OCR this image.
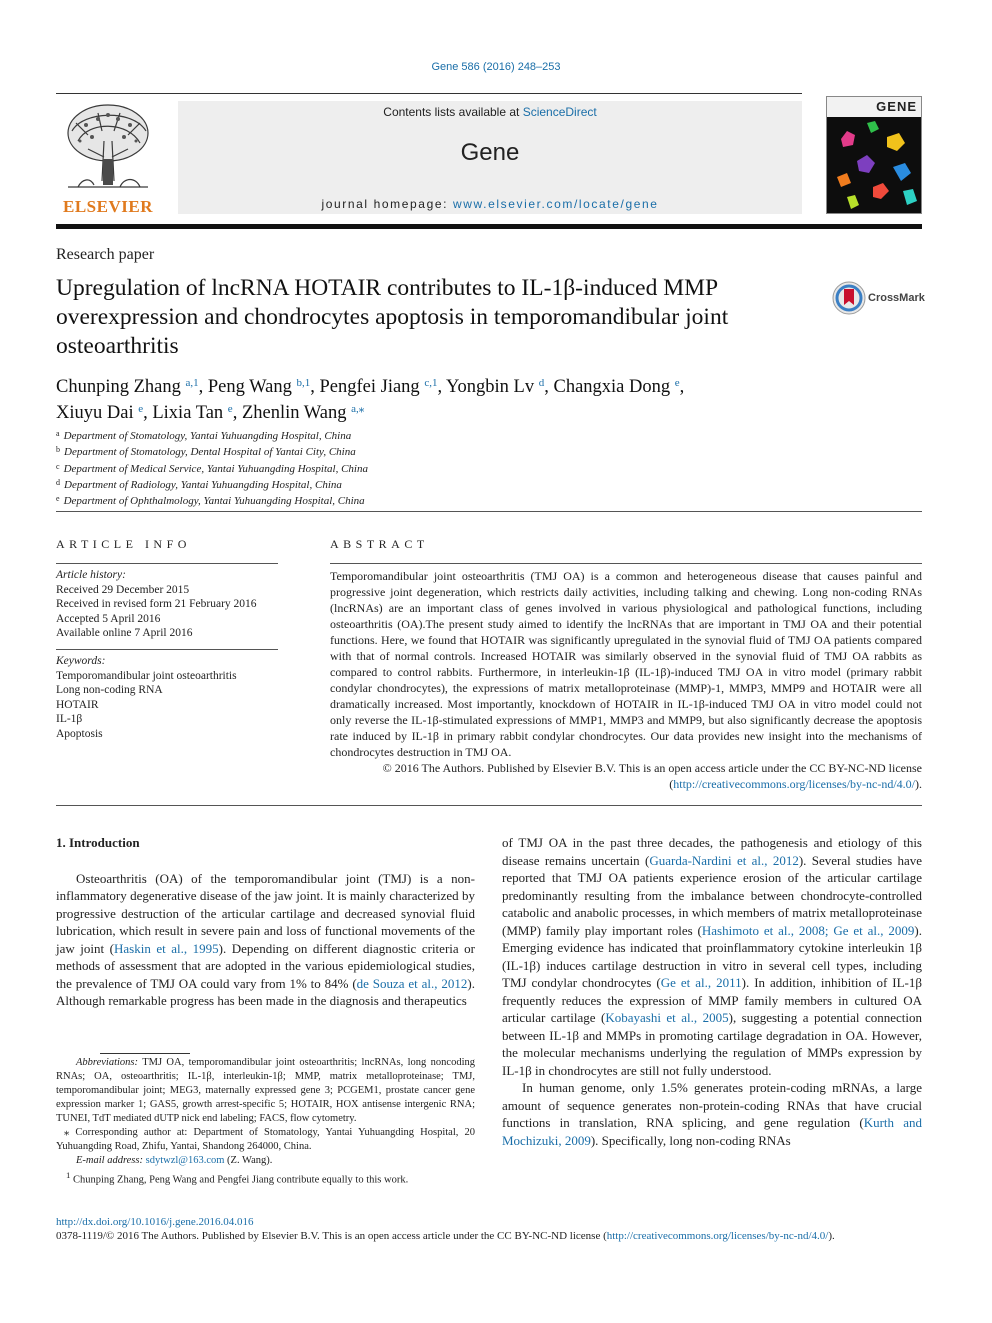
Gene 586 (2016) 248–253
ELSEVIER
Contents lists available at ScienceDirect
Gene
journal homepage: www.elsevier.com/locate/gene
GENE
Research paper
Upregulation of lncRNA HOTAIR contributes to IL-1β-induced MMP overexpression and chondrocytes apoptosis in temporomandibular joint osteoarthritis
CrossMark
Chunping Zhang $^{a,1}$, Peng Wang $^{b,1}$, Pengfei Jiang $^{c,1}$, Yongbin Lv $^d$, Changxia Dong $^e$,
Xiuyu Dai $^e$, Lixia Tan $^e$, Zhenlin Wang $^{a,⁎}$
$^a$ Department of Stomatology, Yantai Yuhuangding Hospital, China
$^b$ Department of Stomatology, Dental Hospital of Yantai City, China
$^c$ Department of Medical Service, Yantai Yuhuangding Hospital, China
$^d$ Department of Radiology, Yantai Yuhuangding Hospital, China
$^e$ Department of Ophthalmology, Yantai Yuhuangding Hospital, China
ARTICLE INFO
Article history:
Received 29 December 2015
Received in revised form 21 February 2016
Accepted 5 April 2016
Available online 7 April 2016
Keywords:
Temporomandibular joint osteoarthritis
Long non-coding RNA
HOTAIR
IL-1β
Apoptosis
ABSTRACT
Temporomandibular joint osteoarthritis (TMJ OA) is a common and heterogeneous disease that causes painful and progressive joint degeneration, which restricts daily activities, including talking and chewing. Long non-coding RNAs (lncRNAs) are an important class of genes involved in various physiological and pathological functions, including osteoarthritis (OA).The present study aimed to identify the lncRNAs that are important in TMJ OA and their potential functions. Here, we found that HOTAIR was significantly upregulated in the synovial fluid of TMJ OA patients compared with that of normal controls. Increased HOTAIR was similarly observed in the synovial fluid of TMJ OA rabbits as compared to control rabbits. Furthermore, in interleukin-1β (IL-1β)-induced TMJ OA in vitro model (primary rabbit condylar chondrocytes), the expressions of matrix metalloproteinase (MMP)-1, MMP3, MMP9 and HOTAIR were all dramatically increased. Most importantly, knockdown of HOTAIR in IL-1β-induced TMJ OA in vitro model could not only reverse the IL-1β-stimulated expressions of MMP1, MMP3 and MMP9, but also significantly decrease the apoptosis rate induced by IL-1β in primary rabbit condylar chondrocytes. Our data provides new insight into the mechanisms of chondrocytes destruction in TMJ OA.
© 2016 The Authors. Published by Elsevier B.V. This is an open access article under the CC BY-NC-ND license
(http://creativecommons.org/licenses/by-nc-nd/4.0/).
1. Introduction

Osteoarthritis (OA) of the temporomandibular joint (TMJ) is a non-inflammatory degenerative disease of the jaw joint. It is mainly characterized by progressive destruction of the articular cartilage and decreased synovial fluid lubrication, which result in severe pain and loss of functional movements of the jaw joint (Haskin et al., 1995). Depending on different diagnostic criteria or methods of assessment that are adopted in the various epidemiological studies, the prevalence of TMJ OA could vary from 1% to 84% (de Souza et al., 2012). Although remarkable progress has been made in the diagnosis and therapeutics

of TMJ OA in the past three decades, the pathogenesis and etiology of this disease remains uncertain (Guarda-Nardini et al., 2012). Several studies have reported that TMJ OA patients experience erosion of the articular cartilage predominantly resulting from the imbalance between chondrocyte-controlled catabolic and anabolic processes, in which members of matrix metalloproteinase (MMP) family play important roles (Hashimoto et al., 2008; Ge et al., 2009). Emerging evidence has indicated that proinflammatory cytokine interleukin 1β (IL-1β) induces cartilage destruction in vitro in several cell types, including TMJ condylar chondrocytes (Ge et al., 2011). In addition, inhibition of IL-1β frequently reduces the expression of MMP family members in cultured OA articular cartilage (Kobayashi et al., 2005), suggesting a potential connection between IL-1β and MMPs in promoting cartilage degradation in OA. However, the molecular mechanisms underlying the regulation of MMPs expression by IL-1β in chondrocytes are still not fully understood.

In human genome, only 1.5% generates protein-coding mRNAs, a large amount of sequence generates non-protein-coding RNAs that have crucial functions in translation, RNA splicing, and gene regulation (Kurth and Mochizuki, 2009). Specifically, long non-coding RNAs

Abbreviations: TMJ OA, temporomandibular joint osteoarthritis; lncRNAs, long noncoding RNAs; OA, osteoarthritis; IL-1β, interleukin-1β; MMP, matrix metalloproteinase; TMJ, temporomandibular joint; MEG3, maternally expressed gene 3; PCGEM1, prostate cancer gene expression marker 1; GAS5, growth arrest-specific 5; HOTAIR, HOX antisense intergenic RNA; TUNEI, TdT mediated dUTP nick end labeling; FACS, flow cytometry.
⁎ Corresponding author at: Department of Stomatology, Yantai Yuhuangding Hospital, 20 Yuhuangding Road, Zhifu, Yantai, Shandong 264000, China.
E-mail address: sdytwzl@163.com (Z. Wang).
$^1$ Chunping Zhang, Peng Wang and Pengfei Jiang contribute equally to this work.
http://dx.doi.org/10.1016/j.gene.2016.04.016
0378-1119/© 2016 The Authors. Published by Elsevier B.V. This is an open access article under the CC BY-NC-ND license (http://creativecommons.org/licenses/by-nc-nd/4.0/).
